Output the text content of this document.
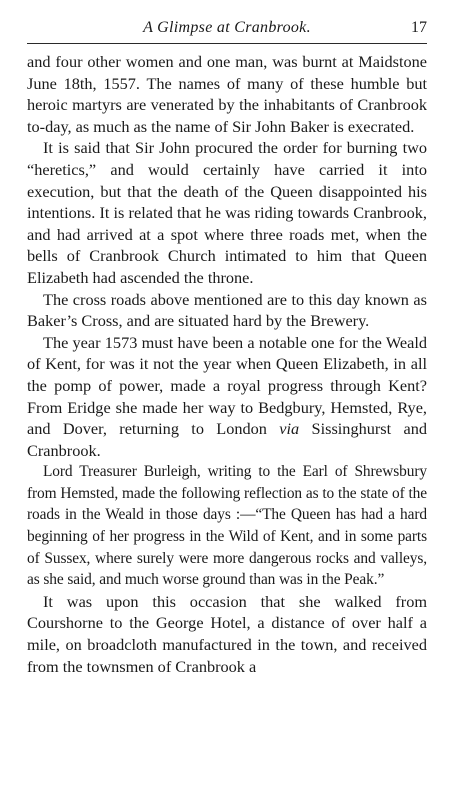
A Glimpse at Cranbrook.	17

and four other women and one man, was burnt at Maidstone June 18th, 1557. The names of many of these humble but heroic martyrs are venerated by the inhabitants of Cranbrook to-day, as much as the name of Sir John Baker is execrated.

It is said that Sir John procured the order for burning two “heretics,” and would certainly have carried it into execution, but that the death of the Queen disappointed his intentions. It is related that he was riding towards Cranbrook, and had arrived at a spot where three roads met, when the bells of Cranbrook Church intimated to him that Queen Elizabeth had ascended the throne.

The cross roads above mentioned are to this day known as Baker’s Cross, and are situated hard by the Brewery.

The year 1573 must have been a notable one for the Weald of Kent, for was it not the year when Queen Elizabeth, in all the pomp of power, made a royal progress through Kent? From Eridge she made her way to Bedgbury, Hemsted, Rye, and Dover, returning to London via Sissinghurst and Cranbrook.

Lord Treasurer Burleigh, writing to the Earl of Shrewsbury from Hemsted, made the following reflection as to the state of the roads in the Weald in those days :—“The Queen has had a hard beginning of her progress in the Wild of Kent, and in some parts of Sussex, where surely were more dangerous rocks and valleys, as she said, and much worse ground than was in the Peak.”

It was upon this occasion that she walked from Courshorne to the George Hotel, a distance of over half a mile, on broadcloth manufactured in the town, and received from the townsmen of Cranbrook a
